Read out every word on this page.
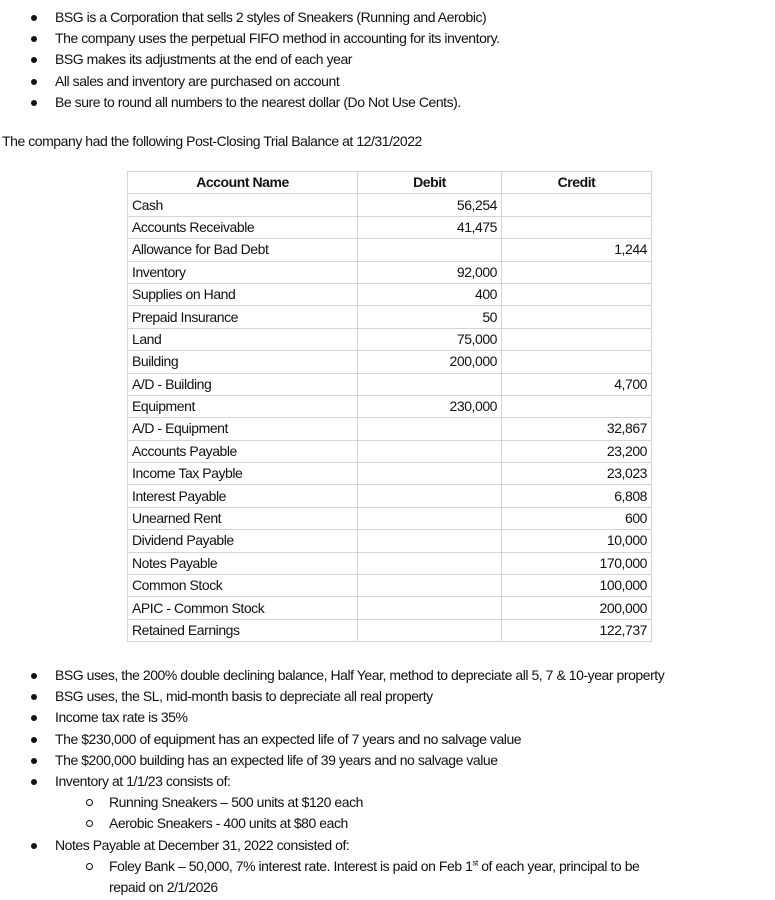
BSG is a Corporation that sells 2 styles of Sneakers (Running and Aerobic)
The company uses the perpetual FIFO method in accounting for its inventory.
BSG makes its adjustments at the end of each year
All sales and inventory are purchased on account
Be sure to round all numbers to the nearest dollar (Do Not Use Cents).
The company had the following Post-Closing Trial Balance at 12/31/2022
Account Name	Debit	Credit
Cash	56,254	
Accounts Receivable	41,475	
Allowance for Bad Debt		1,244
Inventory	92,000	
Supplies on Hand	400	
Prepaid Insurance	50	
Land	75,000	
Building	200,000	
A/D - Building		4,700
Equipment	230,000	
A/D - Equipment		32,867
Accounts Payable		23,200
Income Tax Payble		23,023
Interest Payable		6,808
Unearned Rent		600
Dividend Payable		10,000
Notes Payable		170,000
Common Stock		100,000
APIC - Common Stock		200,000
Retained Earnings		122,737
BSG uses, the 200% double declining balance, Half Year, method to depreciate all 5, 7 & 10-year property
BSG uses, the SL, mid-month basis to depreciate all real property
Income tax rate is 35%
The $230,000 of equipment has an expected life of 7 years and no salvage value
The $200,000 building has an expected life of 39 years and no salvage value
Inventory at 1/1/23 consists of:
Running Sneakers – 500 units at $120 each
Aerobic Sneakers - 400 units at $80 each
Notes Payable at December 31, 2022 consisted of:
Foley Bank – 50,000, 7% interest rate. Interest is paid on Feb 1st of each year, principal to be
repaid on 2/1/2026
